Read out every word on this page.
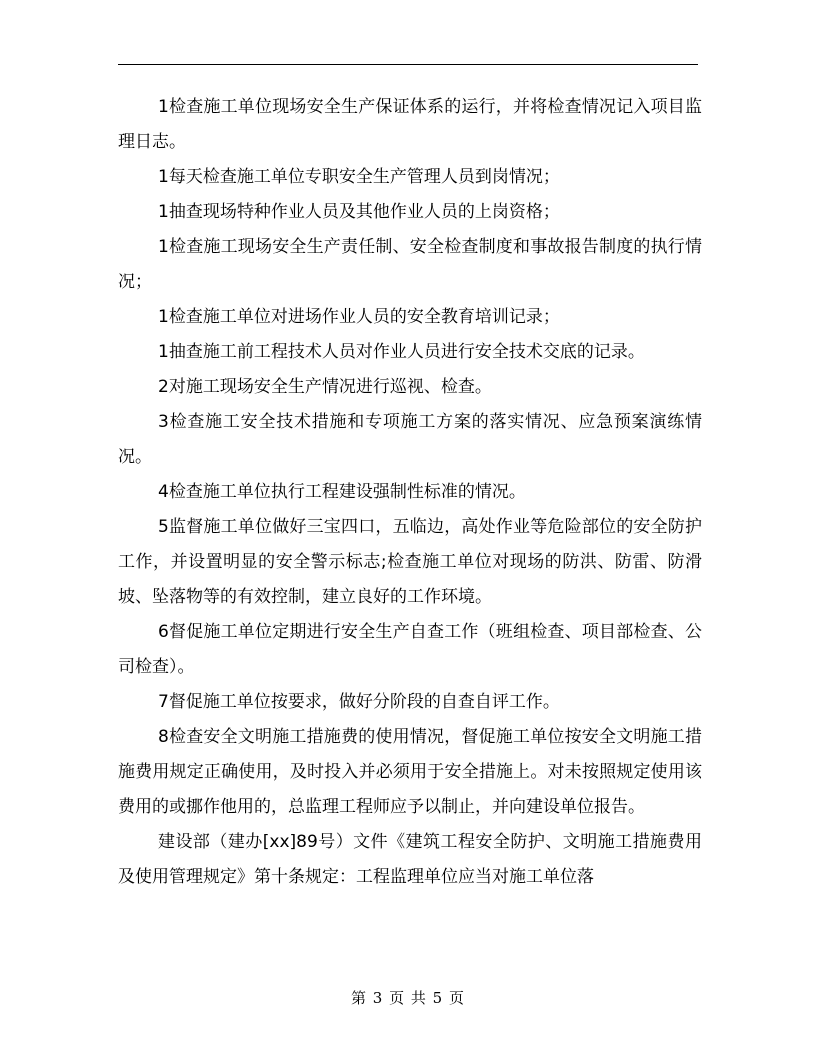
1检查施工单位现场安全生产保证体系的运行，并将检查情况记入项目监理日志。

1每天检查施工单位专职安全生产管理人员到岗情况；

1抽查现场特种作业人员及其他作业人员的上岗资格；

1检查施工现场安全生产责任制、安全检查制度和事故报告制度的执行情况；

1检查施工单位对进场作业人员的安全教育培训记录；

1抽查施工前工程技术人员对作业人员进行安全技术交底的记录。

2对施工现场安全生产情况进行巡视、检查。

3检查施工安全技术措施和专项施工方案的落实情况、应急预案演练情况。

4检查施工单位执行工程建设强制性标准的情况。

5监督施工单位做好三宝四口，五临边，高处作业等危险部位的安全防护工作，并设置明显的安全警示标志;检查施工单位对现场的防洪、防雷、防滑坡、坠落物等的有效控制，建立良好的工作环境。

6督促施工单位定期进行安全生产自查工作（班组检查、项目部检查、公司检查）。

7督促施工单位按要求，做好分阶段的自查自评工作。

8检查安全文明施工措施费的使用情况，督促施工单位按安全文明施工措施费用规定正确使用，及时投入并必须用于安全措施上。对未按照规定使用该费用的或挪作他用的，总监理工程师应予以制止，并向建设单位报告。

建设部（建办[xx]89号）文件《建筑工程安全防护、文明施工措施费用及使用管理规定》第十条规定：工程监理单位应当对施工单位落

第 3 页 共 5 页
